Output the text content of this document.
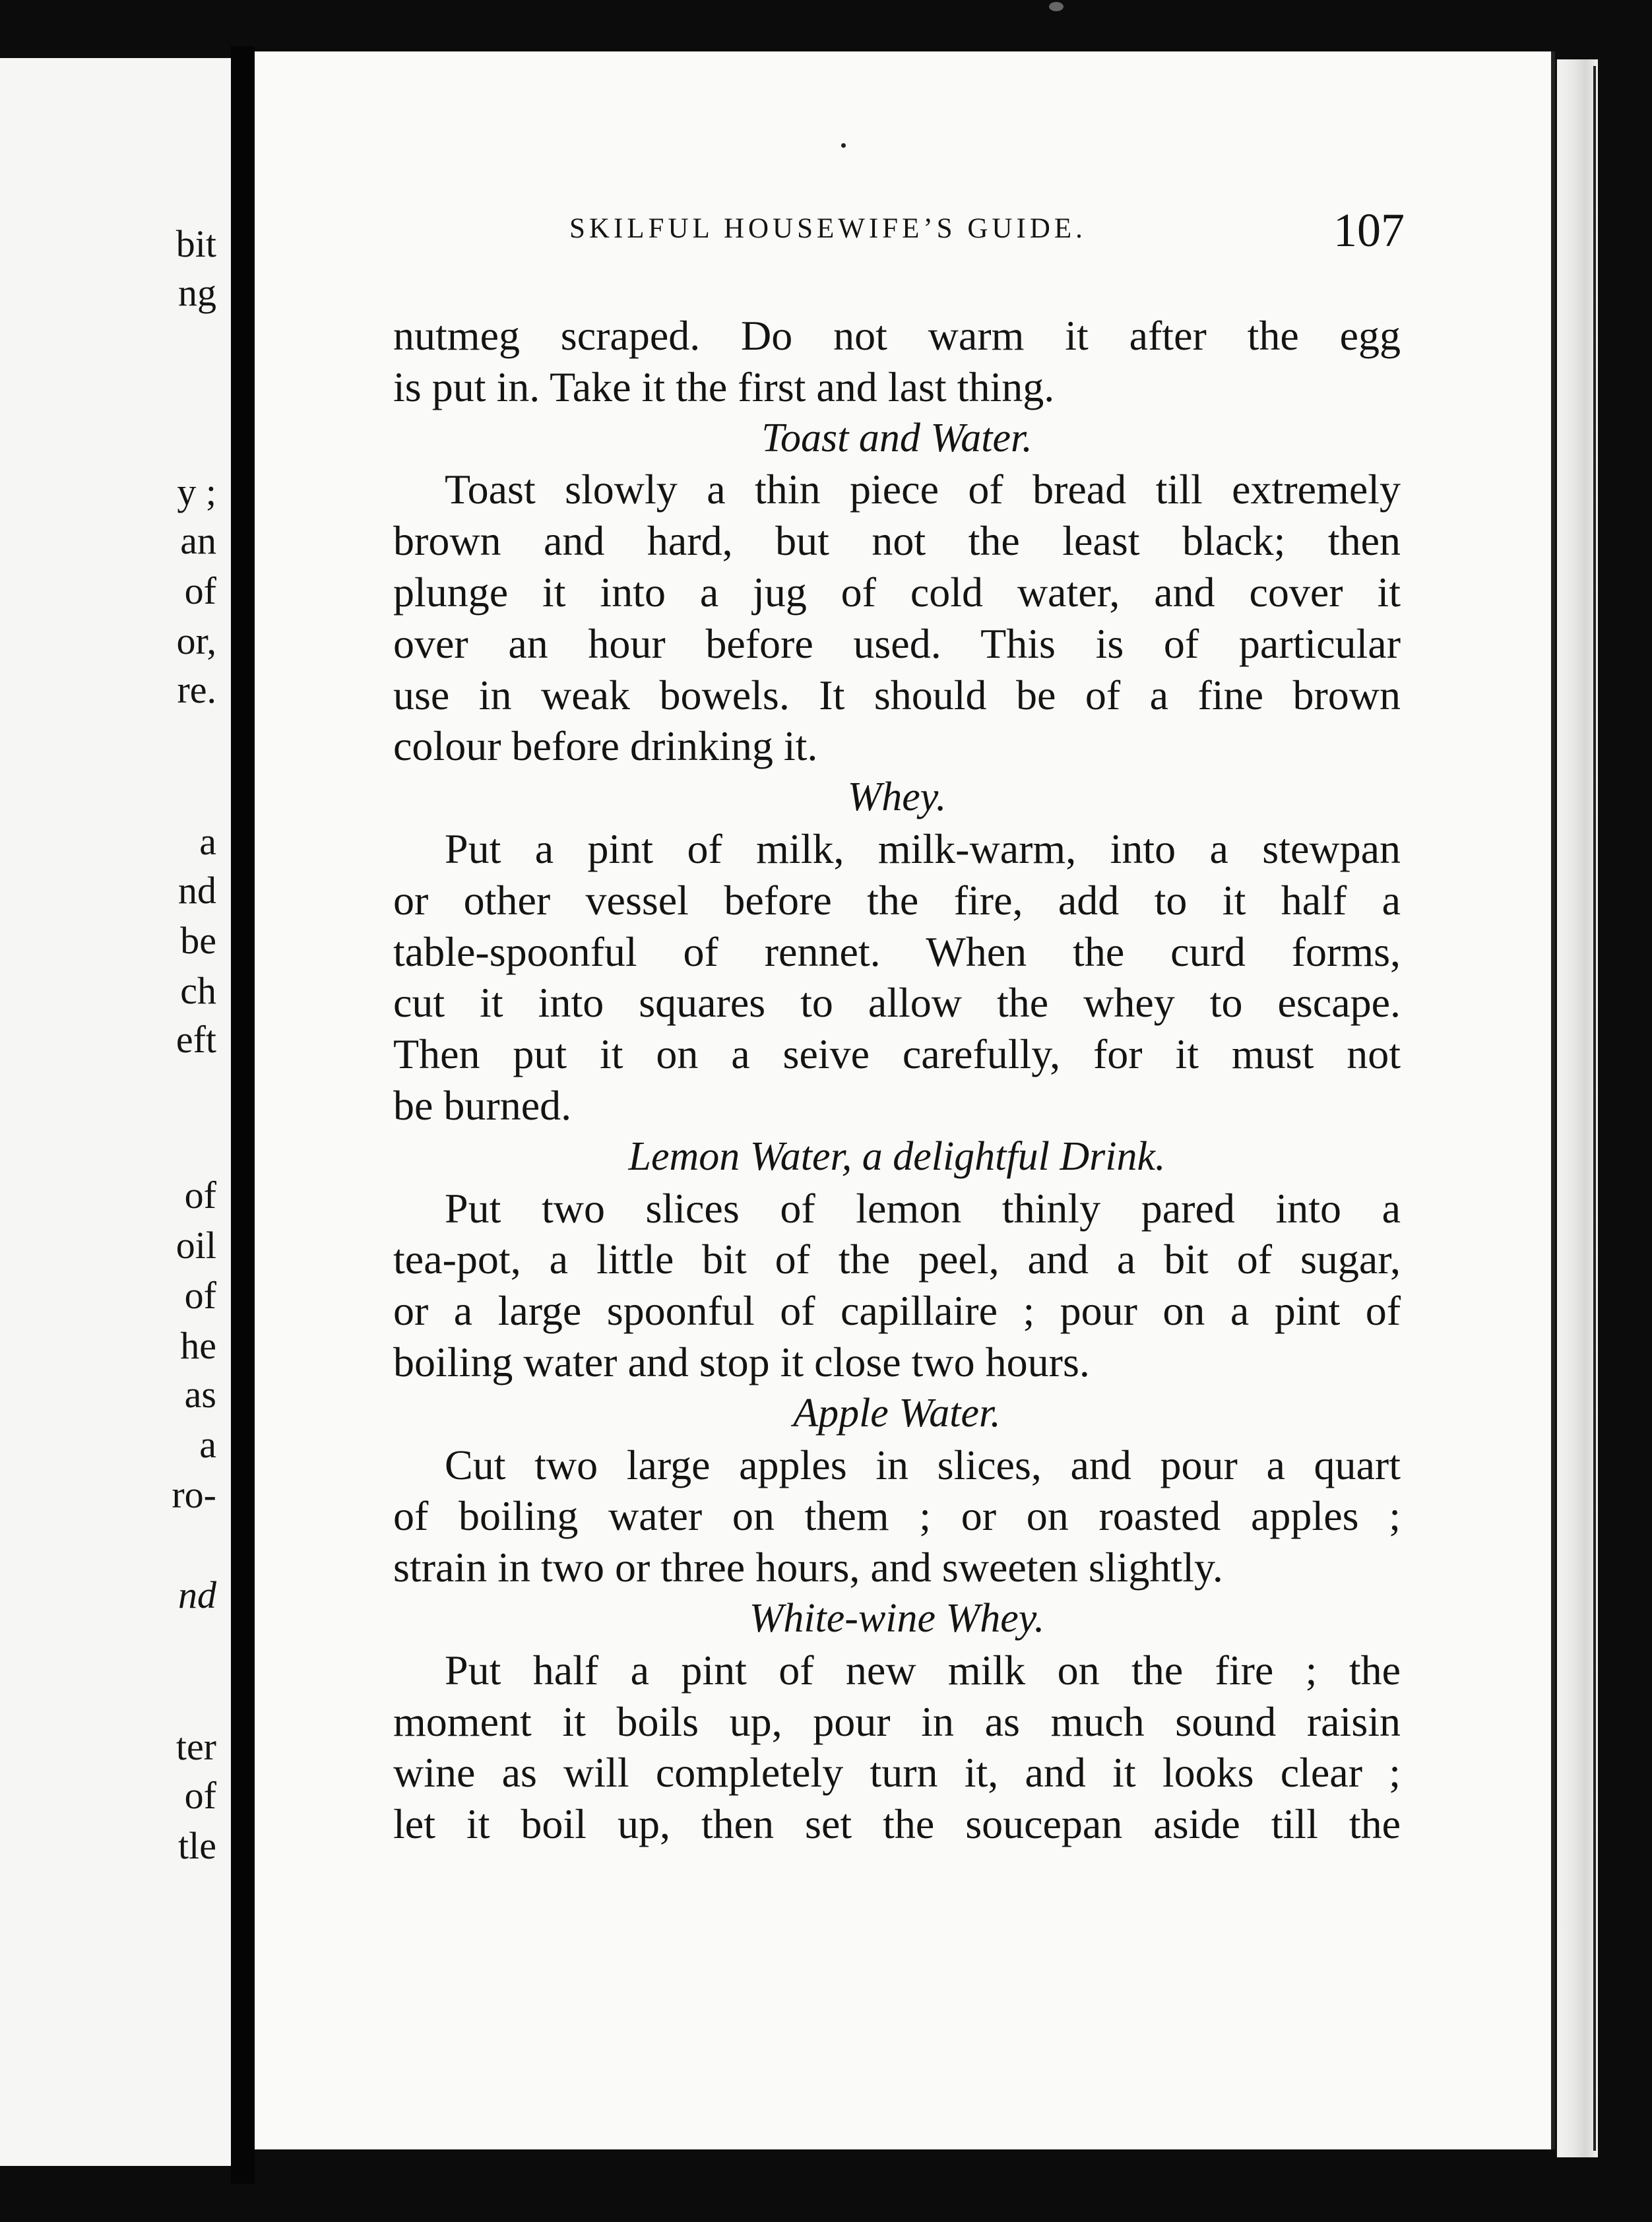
bit
ng
y ;
an
of
or,
re.
a
nd
be
ch
eft
of
oil
of
he
as
a
ro-
nd
ter
of
tle
SKILFUL HOUSEWIFE’S GUIDE.	107

nutmeg scraped. Do not warm it after the egg

is put in. Take it the first and last thing.

Toast and Water.

Toast slowly a thin piece of bread till extremely

brown and hard, but not the least black; then

plunge it into a jug of cold water, and cover it

over an hour before used. This is of particular

use in weak bowels. It should be of a fine brown

colour before drinking it.

Whey.

Put a pint of milk, milk-warm, into a stewpan

or other vessel before the fire, add to it half a

table-spoonful of rennet. When the curd forms,

cut it into squares to allow the whey to escape.

Then put it on a seive carefully, for it must not

be burned.

Lemon Water, a delightful Drink.

Put two slices of lemon thinly pared into a

tea-pot, a little bit of the peel, and a bit of sugar,

or a large spoonful of capillaire ; pour on a pint of

boiling water and stop it close two hours.

Apple Water.

Cut two large apples in slices, and pour a quart

of boiling water on them ; or on roasted apples ;

strain in two or three hours, and sweeten slightly.

White-wine Whey.

Put half a pint of new milk on the fire ; the

moment it boils up, pour in as much sound raisin

wine as will completely turn it, and it looks clear ;

let it boil up, then set the soucepan aside till the
